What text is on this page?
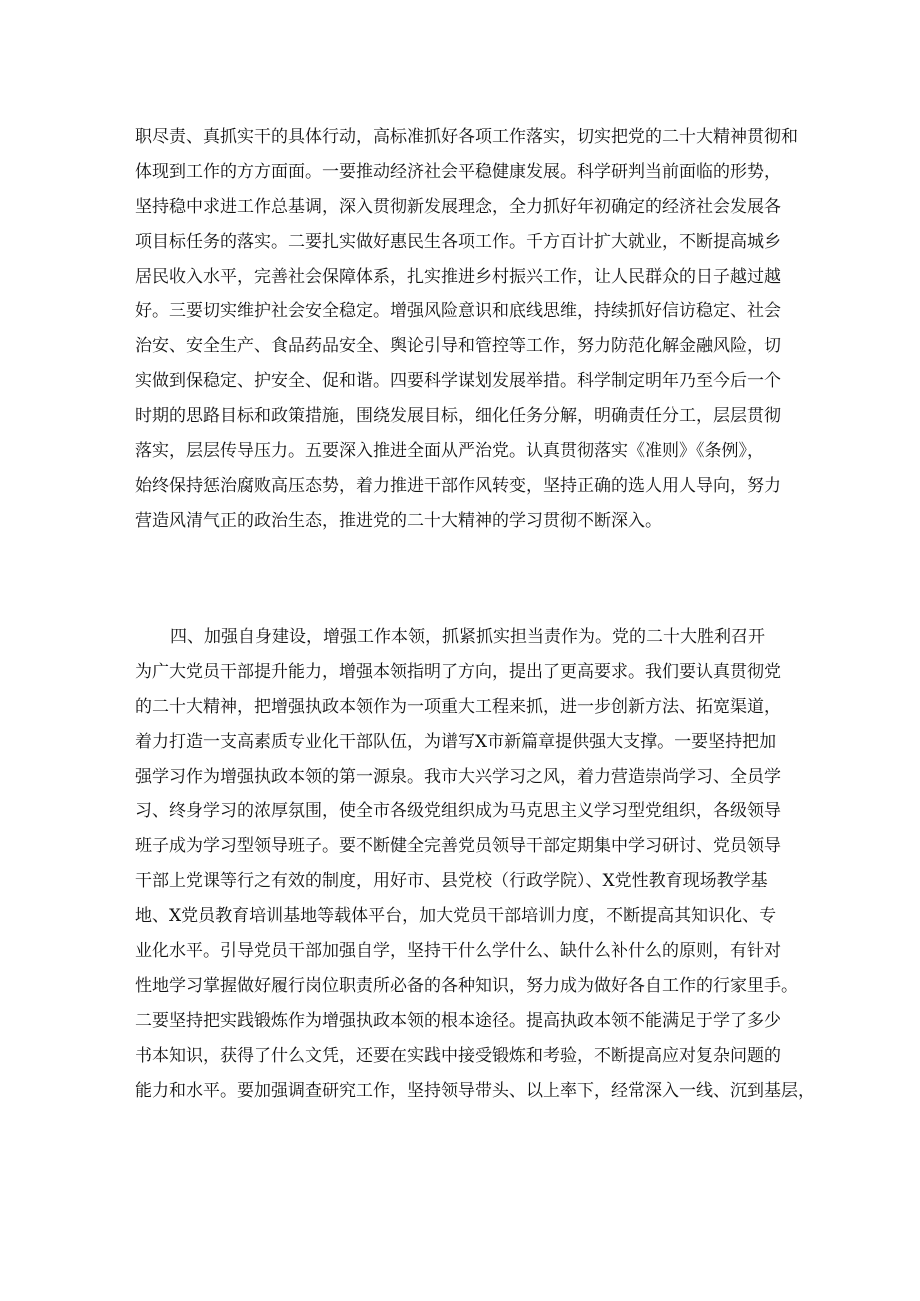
职尽责、真抓实干的具体行动，高标准抓好各项工作落实，切实把党的二十大精神贯彻和
体现到工作的方方面面。一要推动经济社会平稳健康发展。科学研判当前面临的形势，
坚持稳中求进工作总基调，深入贯彻新发展理念，全力抓好年初确定的经济社会发展各
项目标任务的落实。二要扎实做好惠民生各项工作。千方百计扩大就业，不断提高城乡
居民收入水平，完善社会保障体系，扎实推进乡村振兴工作，让人民群众的日子越过越
好。三要切实维护社会安全稳定。增强风险意识和底线思维，持续抓好信访稳定、社会
治安、安全生产、食品药品安全、舆论引导和管控等工作，努力防范化解金融风险，切
实做到保稳定、护安全、促和谐。四要科学谋划发展举措。科学制定明年乃至今后一个
时期的思路目标和政策措施，围绕发展目标，细化任务分解，明确责任分工，层层贯彻
落实，层层传导压力。五要深入推进全面从严治党。认真贯彻落实《准则》《条例》，
始终保持惩治腐败高压态势，着力推进干部作风转变，坚持正确的选人用人导向，努力
营造风清气正的政治生态，推进党的二十大精神的学习贯彻不断深入。
四、加强自身建设，增强工作本领，抓紧抓实担当责作为。党的二十大胜利召开
为广大党员干部提升能力，增强本领指明了方向，提出了更高要求。我们要认真贯彻党
的二十大精神，把增强执政本领作为一项重大工程来抓，进一步创新方法、拓宽渠道，
着力打造一支高素质专业化干部队伍，为谱写X市新篇章提供强大支撑。一要坚持把加
强学习作为增强执政本领的第一源泉。我市大兴学习之风，着力营造崇尚学习、全员学
习、终身学习的浓厚氛围，使全市各级党组织成为马克思主义学习型党组织，各级领导
班子成为学习型领导班子。要不断健全完善党员领导干部定期集中学习研讨、党员领导
干部上党课等行之有效的制度，用好市、县党校（行政学院）、X党性教育现场教学基
地、X党员教育培训基地等载体平台，加大党员干部培训力度，不断提高其知识化、专
业化水平。引导党员干部加强自学，坚持干什么学什么、缺什么补什么的原则，有针对
性地学习掌握做好履行岗位职责所必备的各种知识，努力成为做好各自工作的行家里手。
二要坚持把实践锻炼作为增强执政本领的根本途径。提高执政本领不能满足于学了多少
书本知识，获得了什么文凭，还要在实践中接受锻炼和考验，不断提高应对复杂问题的
能力和水平。要加强调查研究工作，坚持领导带头、以上率下，经常深入一线、沉到基层，
